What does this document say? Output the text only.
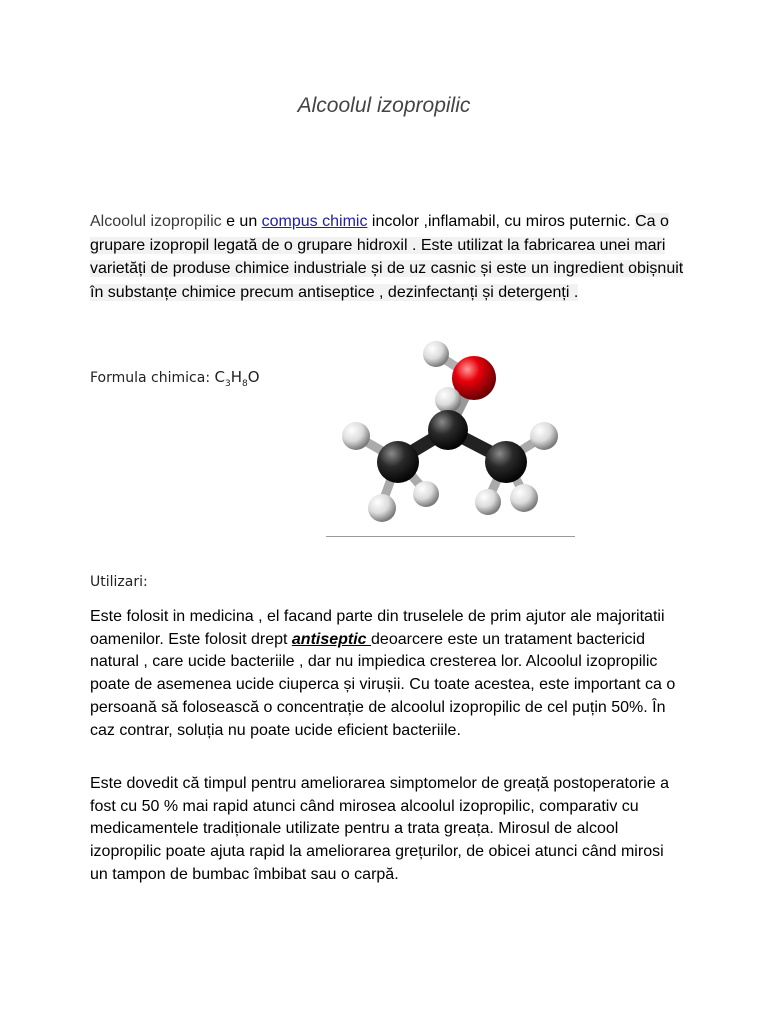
Alcoolul izopropilic

Alcoolul izopropilic e un compus chimic incolor ,inflamabil, cu miros puternic. Ca o grupare izopropil legată de o grupare hidroxil . Este utilizat la fabricarea unei mari varietăți de produse chimice industriale și de uz casnic și este un ingredient obișnuit în substanțe chimice precum antiseptice , dezinfectanți și detergenți .

Formula chimica: $C_3H_8O$

Utilizari:

Este folosit in medicina , el facand parte din truselele de prim ajutor ale majoritatii oamenilor. Este folosit drept antiseptic deoarcere este un tratament bactericid natural , care ucide bacteriile , dar nu impiedica cresterea lor. Alcoolul izopropilic poate de asemenea ucide ciuperca și virușii. Cu toate acestea, este important ca o persoană să folosească o concentrație de alcoolul izopropilic de cel puțin 50%. În caz contrar, soluția nu poate ucide eficient bacteriile.

Este dovedit că timpul pentru ameliorarea simptomelor de greață postoperatorie a fost cu 50 % mai rapid atunci când mirosea alcoolul izopropilic, comparativ cu medicamentele tradiționale utilizate pentru a trata greața. Mirosul de alcool izopropilic poate ajuta rapid la ameliorarea grețurilor, de obicei atunci când mirosi un tampon de bumbac îmbibat sau o carpă.
